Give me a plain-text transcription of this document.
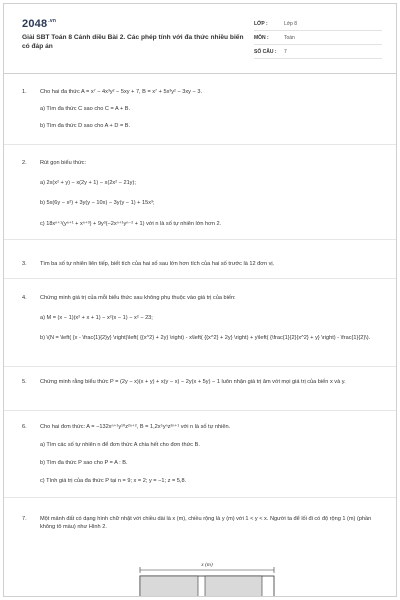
$2048^{.vn}$
Giải SBT Toán 8 Cánh diều Bài 2. Các phép tính với đa thức nhiều biến có đáp án
LỚP :	Lớp 8
MÔN :	Toán
SỐ CÂU : 7
1. Cho hai đa thức A = x⁷ − 4x³y² − 5xy + 7, B = x⁷ + 5x³y² − 3xy − 3.
a) Tìm đa thức C sao cho C = A + B.
b) Tìm đa thức D sao cho A + D = B.
2. Rút gọn biểu thức:
a) 2x(x² + y) − x(2y + 1) − x(2x² − 21y);
b) 5x(6y − x²) + 3y(y − 10x) − 3y(y − 1) + 15x³;
c) 18xⁿ⁺¹(yⁿ⁺¹ + xⁿ⁺³) + 9y³(−2xⁿ⁺¹yⁿ⁻² + 1) với n là số tự nhiên lớn hơn 2.
3. Tìm ba số tự nhiên liên tiếp, biết tích của hai số sau lớn hơn tích của hai số trước là 12 đơn vị.
4. Chứng minh giá trị của mỗi biểu thức sau không phụ thuộc vào giá trị của biến:
a) M = (x − 1)(x² + x + 1) − x²(x − 1) − x² − 23;
b) \(N = \left( {x - \frac{1}{2}y} \right)\left( {{x^2} + 2y} \right) - x\left( {{x^2} + 2y} \right) + y\left( {\frac{1}{2}{x^2} + y} \right) - \frac{1}{2}\).
5. Chứng minh rằng biểu thức P = (2y − x)(x + y) + x(y − x) − 2y(x + 5y) − 1 luôn nhận giá trị âm với mọi giá trị của biến x và y.
6. Cho hai đơn thức: A = −132xⁿ⁺¹y¹⁰z²ⁿ⁺², B = 1,2x⁵yⁿz²ⁿ⁺¹ với n là số tự nhiên.
a) Tìm các số tự nhiên n để đơn thức A chia hết cho đơn thức B.
b) Tìm đa thức P sao cho P = A : B.
c) Tính giá trị của đa thức P tại n = 9; x = 2; y = −1; z = 5,8.
7. Một mảnh đất có dạng hình chữ nhật với chiều dài là x (m), chiều rộng là y (m) với 1 < y < x. Người ta để lối đi có độ rộng 1 (m) (phần không tô màu) như Hình 2.
x (m)
